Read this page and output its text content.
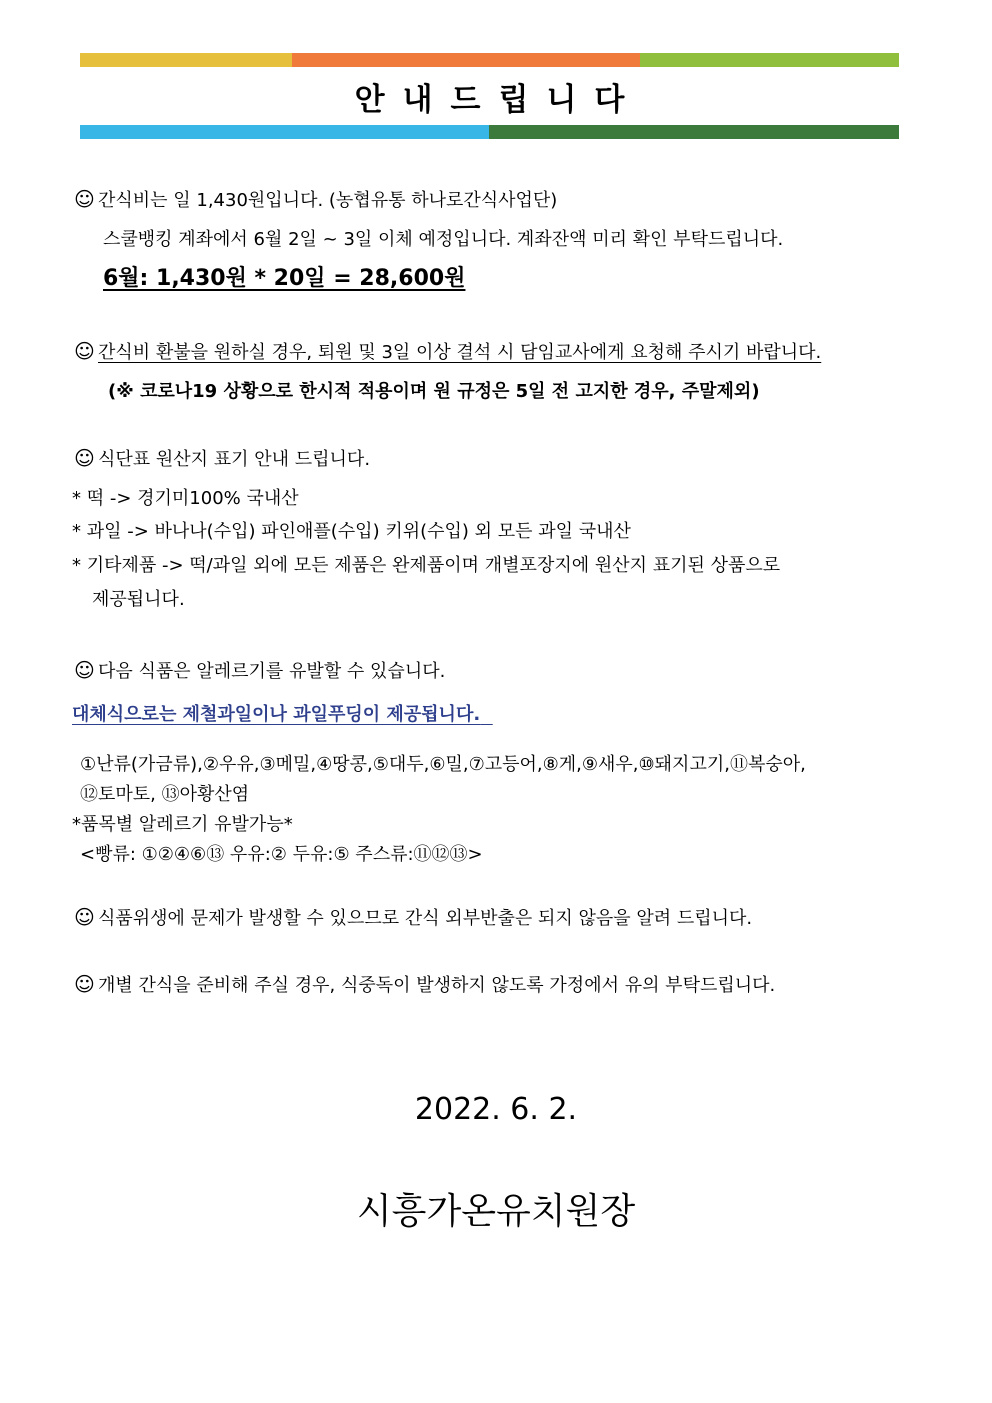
안내드립니다
☺ 간식비는 일 1,430원입니다. (농협유통 하나로간식사업단)
스쿨뱅킹 계좌에서 6월 2일 ~ 3일 이체 예정입니다. 계좌잔액 미리 확인 부탁드립니다.
6월: 1,430원 * 20일 = 28,600원
☺ 간식비 환불을 원하실 경우, 퇴원 및 3일 이상 결석 시 담임교사에게 요청해 주시기 바랍니다.
(※ 코로나19 상황으로 한시적 적용이며 원 규정은 5일 전 고지한 경우, 주말제외)
☺ 식단표 원산지 표기 안내 드립니다.
* 떡 -> 경기미100% 국내산
* 과일 -> 바나나(수입) 파인애플(수입) 키위(수입) 외 모든 과일 국내산
* 기타제품 -> 떡/과일 외에 모든 제품은 완제품이며 개별포장지에 원산지 표기된 상품으로
제공됩니다.
☺ 다음 식품은 알레르기를 유발할 수 있습니다.
대체식으로는 제철과일이나 과일푸딩이 제공됩니다.
①난류(가금류),②우유,③메밀,④땅콩,⑤대두,⑥밀,⑦고등어,⑧게,⑨새우,⑩돼지고기,⑪복숭아,
⑫토마토, ⑬아황산염
*품목별 알레르기 유발가능*
<빵류: ①②④⑥⑬ 우유:② 두유:⑤ 주스류:⑪⑫⑬>
☺ 식품위생에 문제가 발생할 수 있으므로 간식 외부반출은 되지 않음을 알려 드립니다.
☺ 개별 간식을 준비해 주실 경우, 식중독이 발생하지 않도록 가정에서 유의 부탁드립니다.
2022. 6. 2.
시흥가온유치원장
